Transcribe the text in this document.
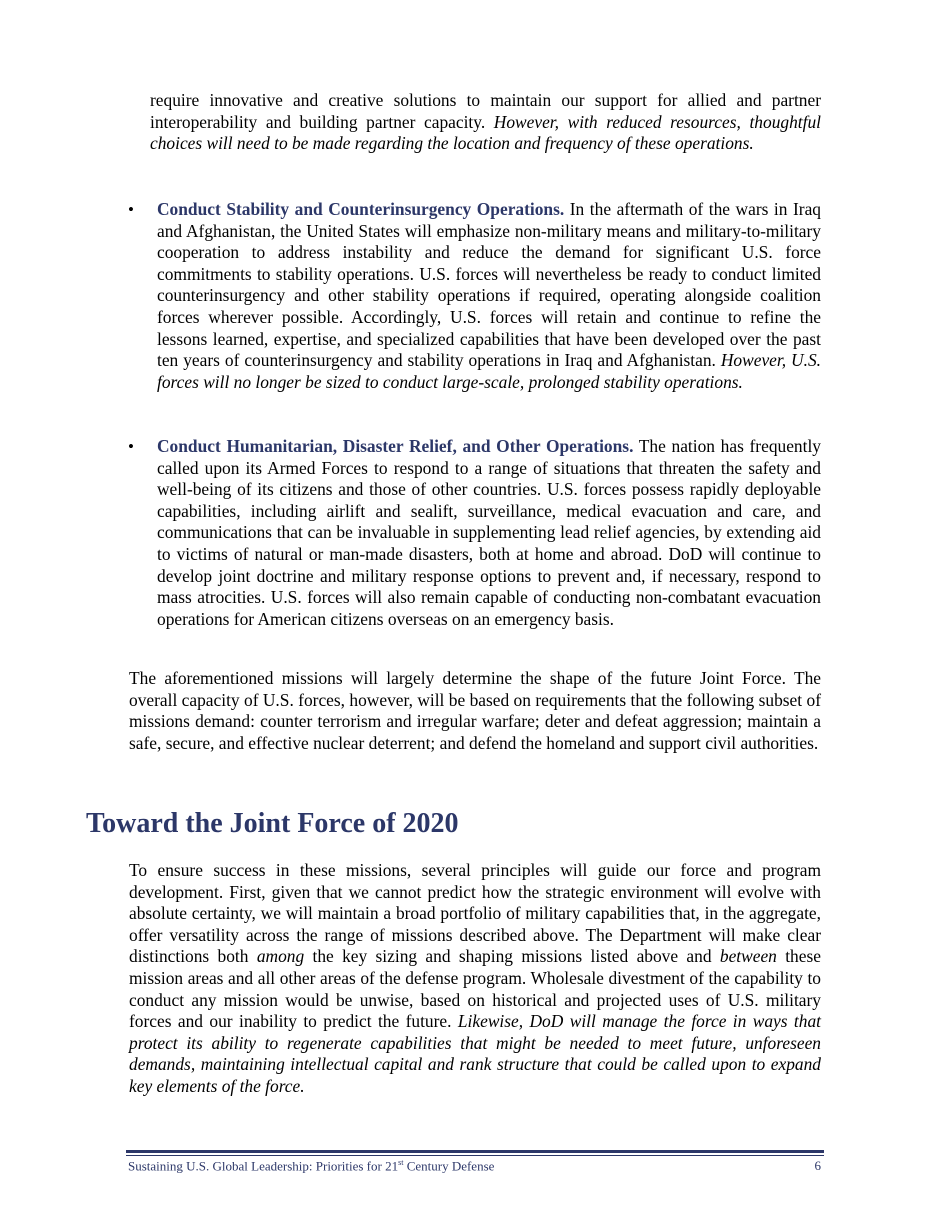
require innovative and creative solutions to maintain our support for allied and partner interoperability and building partner capacity. However, with reduced resources, thoughtful choices will need to be made regarding the location and frequency of these operations.

• Conduct Stability and Counterinsurgency Operations. In the aftermath of the wars in Iraq and Afghanistan, the United States will emphasize non-military means and military-to-military cooperation to address instability and reduce the demand for significant U.S. force commitments to stability operations. U.S. forces will nevertheless be ready to conduct limited counterinsurgency and other stability operations if required, operating alongside coalition forces wherever possible. Accordingly, U.S. forces will retain and continue to refine the lessons learned, expertise, and specialized capabilities that have been developed over the past ten years of counterinsurgency and stability operations in Iraq and Afghanistan. However, U.S. forces will no longer be sized to conduct large-scale, prolonged stability operations.

• Conduct Humanitarian, Disaster Relief, and Other Operations. The nation has frequently called upon its Armed Forces to respond to a range of situations that threaten the safety and well-being of its citizens and those of other countries. U.S. forces possess rapidly deployable capabilities, including airlift and sealift, surveillance, medical evacuation and care, and communications that can be invaluable in supplementing lead relief agencies, by extending aid to victims of natural or man-made disasters, both at home and abroad. DoD will continue to develop joint doctrine and military response options to prevent and, if necessary, respond to mass atrocities. U.S. forces will also remain capable of conducting non-combatant evacuation operations for American citizens overseas on an emergency basis.

The aforementioned missions will largely determine the shape of the future Joint Force. The overall capacity of U.S. forces, however, will be based on requirements that the following subset of missions demand: counter terrorism and irregular warfare; deter and defeat aggression; maintain a safe, secure, and effective nuclear deterrent; and defend the homeland and support civil authorities.

Toward the Joint Force of 2020

To ensure success in these missions, several principles will guide our force and program development. First, given that we cannot predict how the strategic environment will evolve with absolute certainty, we will maintain a broad portfolio of military capabilities that, in the aggregate, offer versatility across the range of missions described above. The Department will make clear distinctions both among the key sizing and shaping missions listed above and between these mission areas and all other areas of the defense program. Wholesale divestment of the capability to conduct any mission would be unwise, based on historical and projected uses of U.S. military forces and our inability to predict the future. Likewise, DoD will manage the force in ways that protect its ability to regenerate capabilities that might be needed to meet future, unforeseen demands, maintaining intellectual capital and rank structure that could be called upon to expand key elements of the force.

Sustaining U.S. Global Leadership: Priorities for 21st Century Defense	6
